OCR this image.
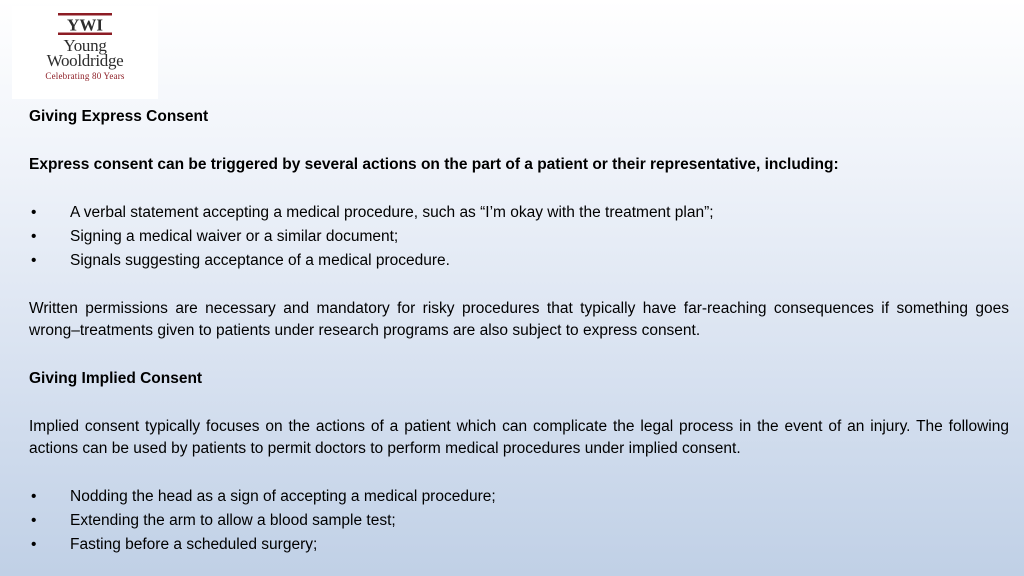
YWI
Young
Wooldridge
Celebrating 80 Years

Giving Express Consent

Express consent can be triggered by several actions on the part of a patient or their representative, including:

•	A verbal statement accepting a medical procedure, such as “I’m okay with the treatment plan”;
•	Signing a medical waiver or a similar document;
•	Signals suggesting acceptance of a medical procedure.

Written permissions are necessary and mandatory for risky procedures that typically have far-reaching consequences if something goes wrong–treatments given to patients under research programs are also subject to express consent.

Giving Implied Consent

Implied consent typically focuses on the actions of a patient which can complicate the legal process in the event of an injury. The following actions can be used by patients to permit doctors to perform medical procedures under implied consent.

•	Nodding the head as a sign of accepting a medical procedure;
•	Extending the arm to allow a blood sample test;
•	Fasting before a scheduled surgery;
